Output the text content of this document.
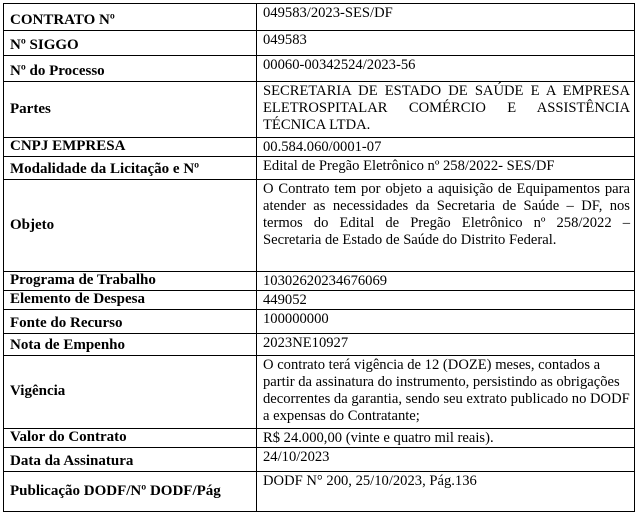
CONTRATO Nº	049583/2023-SES/DF
Nº SIGGO	049583
Nº do Processo	00060-00342524/2023-56
Partes	SECRETARIA DE ESTADO DE SAÚDE E A EMPRESA ELETROSPITALAR COMÉRCIO E ASSISTÊNCIA TÉCNICA LTDA.
CNPJ EMPRESA	00.584.060/0001-07
Modalidade da Licitação e Nº	Edital de Pregão Eletrônico nº 258/2022- SES/DF
Objeto	O Contrato tem por objeto a aquisição de Equipamentos para atender as necessidades da Secretaria de Saúde – DF, nos termos do Edital de Pregão Eletrônico nº 258/2022 – Secretaria de Estado de Saúde do Distrito Federal.

Programa de Trabalho	10302620234676069
Elemento de Despesa	449052
Fonte do Recurso	100000000
Nota de Empenho	2023NE10927
Vigência	O contrato terá vigência de 12 (DOZE) meses, contados a partir da assinatura do instrumento, persistindo as obrigações decorrentes da garantia, sendo seu extrato publicado no DODF a expensas do Contratante;
Valor do Contrato	R$ 24.000,00 (vinte e quatro mil reais).
Data da Assinatura	24/10/2023
Publicação DODF/Nº DODF/Pág	DODF N° 200, 25/10/2023, Pág.136
